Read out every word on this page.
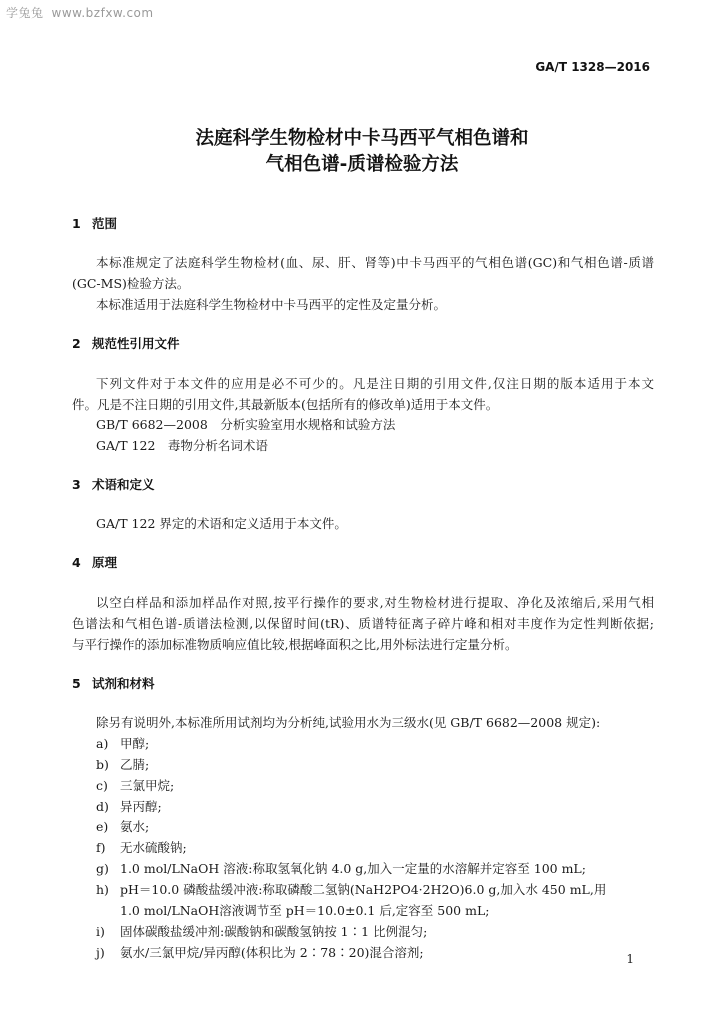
学兔兔 www.bzfxw.com
GA/T 1328—2016
法庭科学生物检材中卡马西平气相色谱和
气相色谱-质谱检验方法
1 范围
本标准规定了法庭科学生物检材(血、尿、肝、肾等)中卡马西平的气相色谱(GC)和气相色谱-质谱
(GC-MS)检验方法。
本标准适用于法庭科学生物检材中卡马西平的定性及定量分析。
2 规范性引用文件
下列文件对于本文件的应用是必不可少的。凡是注日期的引用文件,仅注日期的版本适用于本文
件。凡是不注日期的引用文件,其最新版本(包括所有的修改单)适用于本文件。
GB/T 6682—2008　分析实验室用水规格和试验方法
GA/T 122　毒物分析名词术语
3 术语和定义
GA/T 122 界定的术语和定义适用于本文件。
4 原理
以空白样品和添加样品作对照,按平行操作的要求,对生物检材进行提取、净化及浓缩后,采用气相
色谱法和气相色谱-质谱法检测,以保留时间(tR)、质谱特征离子碎片峰和相对丰度作为定性判断依据;
与平行操作的添加标准物质响应值比较,根据峰面积之比,用外标法进行定量分析。
5 试剂和材料
除另有说明外,本标准所用试剂均为分析纯,试验用水为三级水(见 GB/T 6682—2008 规定):
a) 甲醇;
b) 乙腈;
c) 三氯甲烷;
d) 异丙醇;
e) 氨水;
f) 无水硫酸钠;
g) 1.0 mol/LNaOH 溶液:称取氢氧化钠 4.0 g,加入一定量的水溶解并定容至 100 mL;
h) pH＝10.0 磷酸盐缓冲液:称取磷酸二氢钠(NaH2PO4·2H2O)6.0 g,加入水 450 mL,用
1.0 mol/LNaOH溶液调节至 pH＝10.0±0.1 后,定容至 500 mL;
i) 固体碳酸盐缓冲剂:碳酸钠和碳酸氢钠按 1∶1 比例混匀;
j) 氨水/三氯甲烷/异丙醇(体积比为 2∶78∶20)混合溶剂;	1
